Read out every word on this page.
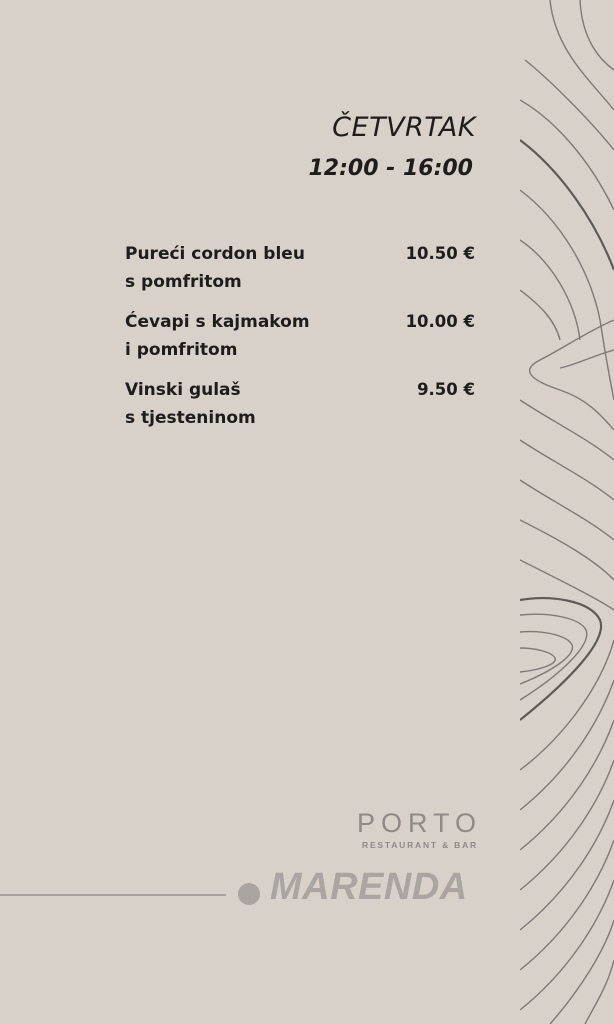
ČETVRTAK
12:00 - 16:00
Pureći cordon bleu
s pomfritom
10.50 €
Ćevapi s kajmakom
i pomfritom
10.00 €
Vinski gulaš
s tjesteninom
9.50 €
PORTO
RESTAURANT & BAR
MARENDA
